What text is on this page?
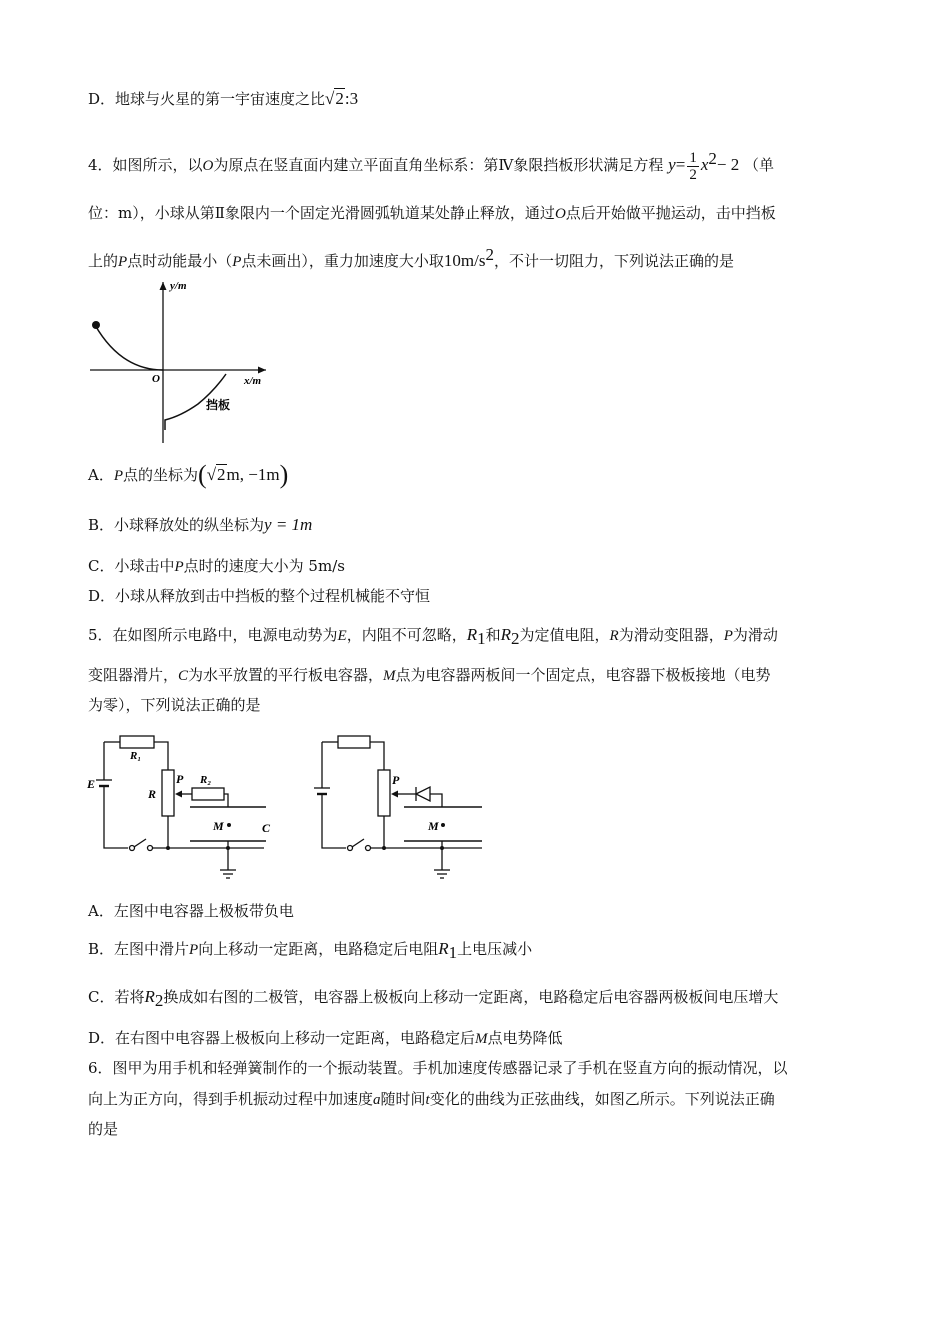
D．地球与火星的第一宇宙速度之比√2:3
4．如图所示，以O为原点在竖直面内建立平面直角坐标系：第Ⅳ象限挡板形状满足方程 $y= \frac{1}{2} x^2- 2$ （单
位：m），小球从第Ⅱ象限内一个固定光滑圆弧轨道某处静止释放，通过O点后开始做平抛运动，击中挡板
上的P点时动能最小（P点未画出），重力加速度大小取$10m/s^2$，不计一切阻力，下列说法正确的是
y/m
x/m
O
挡板
A．P点的坐标为(√2m, −1m)
B．小球释放处的纵坐标为y = 1m
C．小球击中P点时的速度大小为 5m/s
D．小球从释放到击中挡板的整个过程机械能不守恒
5．在如图所示电路中，电源电动势为E，内阻不可忽略，$R_1$和$R_2$为定值电阻，R为滑动变阻器，P为滑动
变阻器滑片，C为水平放置的平行板电容器，M点为电容器两板间一个固定点，电容器下极板接地（电势
为零），下列说法正确的是
E
R
R₁
R₂
P
M	C
P
M
A．左图中电容器上极板带负电
B．左图中滑片P向上移动一定距离，电路稳定后电阻$R_1$上电压减小
C．若将$R_2$换成如右图的二极管，电容器上极板向上移动一定距离，电路稳定后电容器两极板间电压增大
D．在右图中电容器上极板向上移动一定距离，电路稳定后M点电势降低
6．图甲为用手机和轻弹簧制作的一个振动装置。手机加速度传感器记录了手机在竖直方向的振动情况，以
向上为正方向，得到手机振动过程中加速度a随时间t变化的曲线为正弦曲线，如图乙所示。下列说法正确
的是
